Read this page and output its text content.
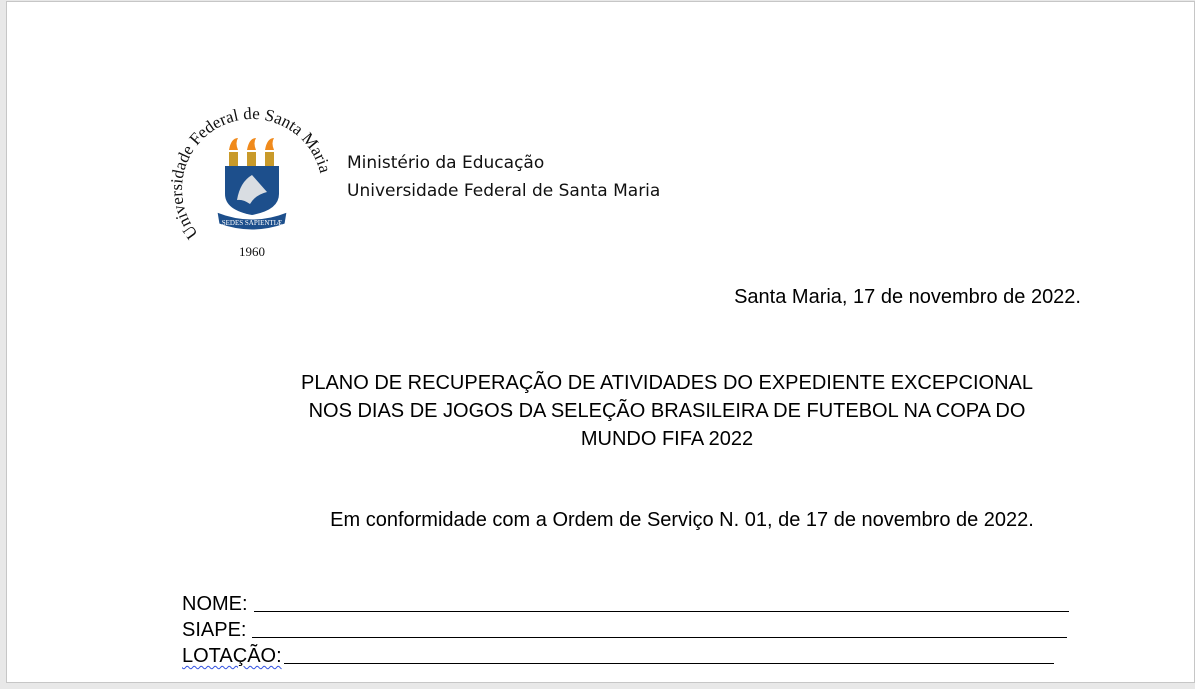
Universidade Federal de Santa Maria
SEDES SAPIENTIÆ
1960
Ministério da Educação
Universidade Federal de Santa Maria
Santa Maria, 17 de novembro de 2022.
PLANO DE RECUPERAÇÃO DE ATIVIDADES DO EXPEDIENTE EXCEPCIONAL
NOS DIAS DE JOGOS DA SELEÇÃO BRASILEIRA DE FUTEBOL NA COPA DO
MUNDO FIFA 2022
Em conformidade com a Ordem de Serviço N. 01, de 17 de novembro de 2022.
NOME:
SIAPE:
LOTAÇÃO:
